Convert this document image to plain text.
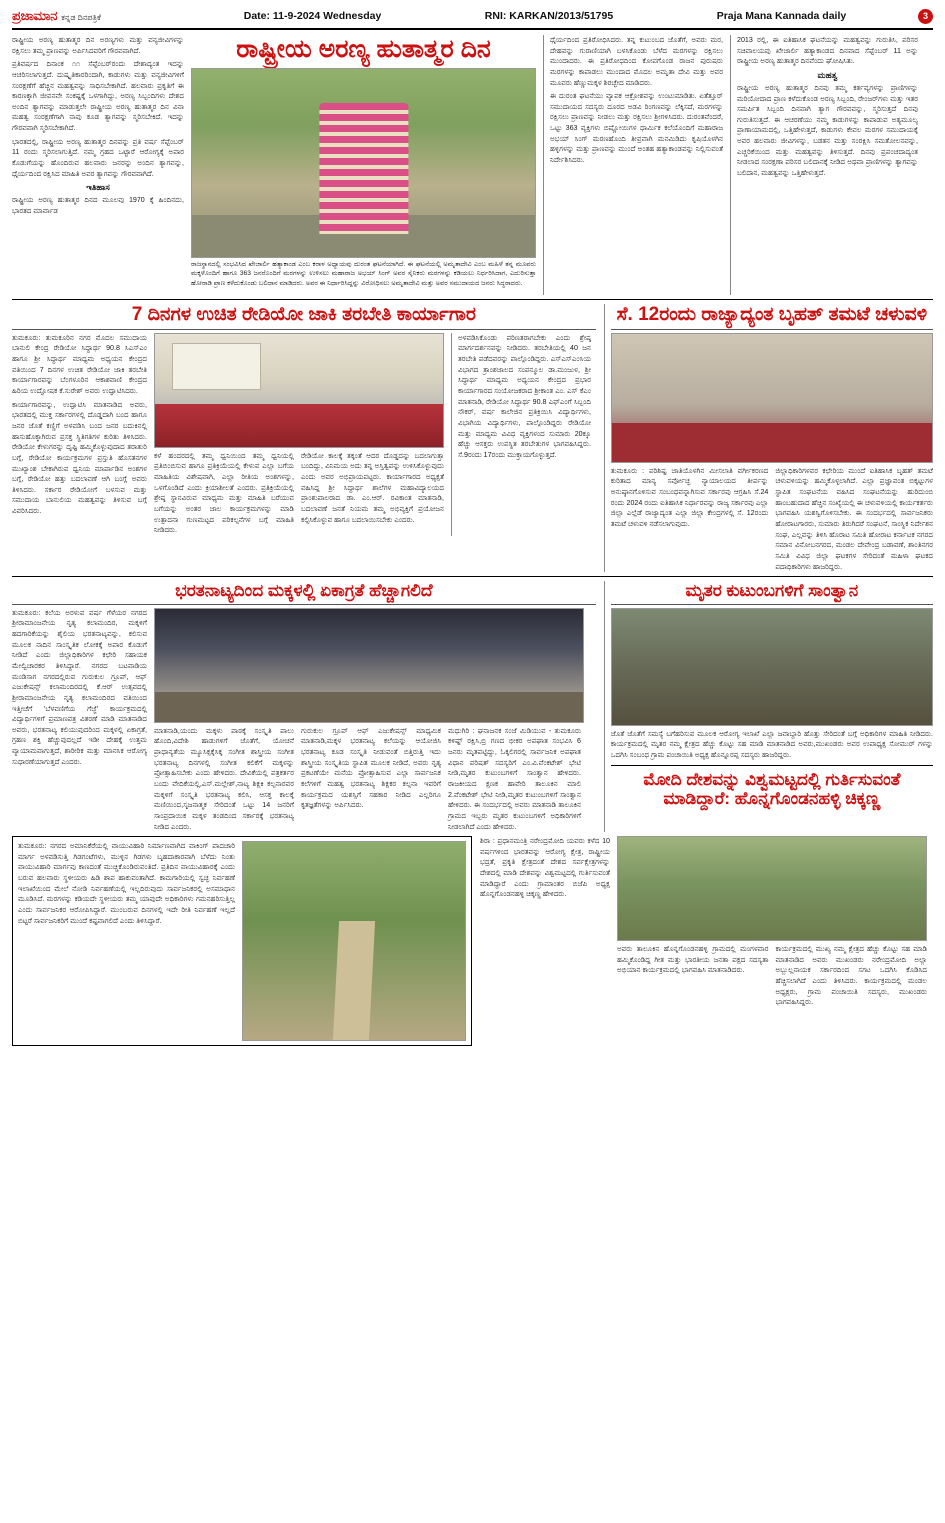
ಪ್ರಜಾಮಾನ ಕನ್ನಡ ದಿನಪತ್ರಿಕೆ	Date: 11-9-2024 Wednesday	RNI: KARKAN/2013/51795	Praja Mana Kannada daily	3

ರಾಷ್ಟ್ರೀಯ ಅರಣ್ಯ ಹುತಾತ್ಮರ ದಿನ ಅರಣ್ಯಗಳು ಮತ್ತು ವನ್ಯಜೀವಿಗಳನ್ನು ರಕ್ಷಿಸಲು ತಮ್ಮ ಪ್ರಾಣವನ್ನು ಅರ್ಪಿಸಿದವರಿಗೆ ಗೌರವವಾಗಿದೆ.

ಪ್ರತಿವರ್ಷದ ದಿನಾಂಕ ೧೧ ಸೆಪ್ಟೆಂಬರ್‌ರಂದು ದೇಶಾದ್ಯಂತ ಇದನ್ನು ಆಚರಿಸಲಾಗುತ್ತದೆ. ದುಷ್ಕೃತಿಕಾರರಿಂದಾಗಿ, ಕಾಡುಗಳು ಮತ್ತು ವನ್ಯಜೀವಿಗಳಿಗೆ ಸಂರಕ್ಷಣೆಗೆ ಹೆಚ್ಚಿನ ಮಹತ್ವವನ್ನು ಸಾಧಿಸಬೇಕಾಗಿದೆ. ಹಲವಾರು ಪ್ರಕೃತಿಗೆ ಈ ಕಾರಣಕ್ಕಾಗಿ ಜೀವನವೇ ಸಂಕಷ್ಟಕ್ಕೆ ಒಳಗಾಗಿದ್ದು, ಅರಣ್ಯ ಸಿಬ್ಬಂದಿಗಳು ದೇಶದ ಅಂದಿನ ತ್ಯಾಗವನ್ನು ಮಾಡುತ್ತಲೇ ರಾಷ್ಟ್ರೀಯ ಅರಣ್ಯ ಹುತಾತ್ಮರ ದಿನ ವಿನಾ ಮಹತ್ವ ಸಂರಕ್ಷಣೆಗಾಗಿ ನಾವು ಕೂಡ ತ್ಯಾಗವನ್ನು ಸ್ಮರಿಸಬೇಕಿದೆ. ಇದನ್ನು ಗೌರವವಾಗಿ ಸ್ಮರಿಸಬೇಕಾಗಿದೆ.

ಭಾರತದಲ್ಲಿ, ರಾಷ್ಟ್ರೀಯ ಅರಣ್ಯ ಹುತಾತ್ಮರ ದಿನವನ್ನು ಪ್ರತಿ ವರ್ಷ ಸೆಪ್ಟೆಂಬರ್ 11 ರಂದು ಸ್ಮರಿಸಲಾಗುತ್ತಿದೆ. ನಮ್ಮ ಗ್ರಹದ ಒಟ್ಟಾರೆ ಆರೋಗ್ಯಕ್ಕೆ ಅಪಾರ ಕೊಡುಗೆಯನ್ನು ಹೊಂದಿರುವ ಹಲವಾರು ಜನರನ್ನು ಅಂದಿನ ತ್ಯಾಗವನ್ನು, ಧೈರ್ಯದಿಂದ ರಕ್ಷಿಸಿದ ಮಾಹಿತಿ ಅವರ ತ್ಯಾಗವನ್ನು ಗೌರವವಾಗಿದೆ.

ಇತಿಹಾಸ

ರಾಷ್ಟ್ರೀಯ ಅರಣ್ಯ ಹುತಾತ್ಮರ ದಿನದ ಮೂಲವು 1970 ಕ್ಕೆ ಹಿಂದಿನದು, ಭಾರತದ ಮಾರ್ವಾಡ

ರಾಷ್ಟ್ರೀಯ ಅರಣ್ಯ ಹುತಾತ್ಮರ ದಿನ

ರಾಜಸ್ಥಾನದಲ್ಲಿ ಸಂಭವಿಸಿದ ಖೇಜಾರ್ಲಿ ಹತ್ಯಾಕಾಂಡ ಎಂಬ ಕರಾಳ ಅಧ್ಯಾಯವು ದುರಂತ ಘಟನೆಯಾಗಿದೆ. ಈ ಘಟನೆಯಲ್ಲಿ ಅಮೃತಾದೇವಿ ಎಂಬ ಮಹಿಳೆ ತನ್ನ ಮೂವರು ಮಕ್ಕಳೊಂದಿಗೆ ಹಾಗೂ 363 ಜನರೊಂದಿಗೆ ಮರಗಳನ್ನು ಉಳಿಸಲು ಮಹಾರಾಜ ಅಭಯ್ ಸಿಂಗ್ ಅವರ ಸೈನಿಕರು ಮರಗಳನ್ನು ಕಡಿಯಲು ನಿರ್ಧರಿಸಿದಾಗ, ಎದುರಿಸುತ್ತಾ ಹೋರಾಡಿ ಪ್ರಾಣ ಕಳೆದುಕೊಂಡು ಬಲಿದಾನ ಮಾಡಿದರು. ಅವರ ಈ ನಿರ್ಧಾರಿಸಿದ್ದನ್ನು ವಿರೋಧಿಸಲು ಅಮೃತಾದೇವಿ ಮತ್ತು ಅವರ ಸಮುದಾಯದ ಜನರು ಸಿದ್ಧರಾದರು.

ಧೈರ್ಯದಿಂದ ಪ್ರತಿರೋಧಿಸಿದರು. ತನ್ನ ಕುಟುಂಬದ ಜೊತೆಗೆ, ಅವರು ಮರ, ದೇಹವನ್ನು ಗುರಾಣಿಯಾಗಿ ಬಳಸಿಕೊಂಡು ಬೆಳೆದ ಮರಗಳನ್ನು ರಕ್ಷಿಸಲು ಮುಂದಾದರು. ಈ ಪ್ರತಿರೋಧದಿಂದ ಕೋಪಗೊಂಡ ರಾಜನ ಪುರುಷರು ಮರಗಳನ್ನು ಕಾಪಾಡಲು ಮುಂದಾದ ಮೊದಲ ಅಮೃತಾ ದೇವಿ ಮತ್ತು ಅವರ ಮೂವರು ಹೆಣ್ಣುಮಕ್ಕಳ ಶಿರಚ್ಛೇದ ಮಾಡಿದರು.

ಈ ದುರಂತ ಘಟನೆಯು ವ್ಯಾಪಕ ಆಕ್ರೋಶವನ್ನು ಉಂಟುಮಾಡಿತು. ಏತೆತ್ತೂರ್ ಸಮುದಾಯದ ಸದಸ್ಯರು ದೂರದ ಅಡವಿ ರಿಂಗಣವನ್ನು ಲೆಕ್ಕಿಸದೆ, ಮರಗಳನ್ನು ರಕ್ಷಿಸಲು ಪ್ರಾಣವನ್ನು ನೀಡಲು ಮತ್ತು ರಕ್ಷಿಸಲು ಶ್ರೀಗಳಿಸಿದರು. ದುರಂತವೆಂದರೆ, ಒಟ್ಟು 363 ವ್ಯಕ್ತಿಗಳು ಬಿಷ್ಣೋಯಿಗಳ ಧಾರ್ಮಿಕ ಕಲೆಯೊಂದಿಗೆ ಮಹಾರಾಜ ಅಭಯ್ ಸಿಂಗ್ ಮರಣಹೊಂದಿ ತೀವ್ರವಾಗಿ ಮನಮಿಡಿದು ಕೃಷಿಯೊಳಗಿನ ಹಳ್ಳಿಗಳನ್ನು ಮತ್ತು ಪ್ರಾಣವನ್ನು ಮುಂದೆ ಅಂತಹ ಹತ್ಯಾಕಾಂಡವನ್ನು ನಿಲ್ಲಿಸುವಂತೆ ನಿರ್ದೇಶಿಸಿದರು.

2013 ರಲ್ಲಿ, ಈ ಐತಿಹಾಸಿಕ ಘಟನೆಯನ್ನು ಮಹತ್ವವನ್ನು ಗುರುತಿಸಿ, ಪರಿಸರ ಸಚಿವಾಲಯವು ಖೇಜಾರ್ಲಿ ಹತ್ಯಾಕಾಂಡದ ದಿನವಾದ ಸೆಪ್ಟೆಂಬರ್ 11 ಅನ್ನು ರಾಷ್ಟ್ರೀಯ ಅರಣ್ಯ ಹುತಾತ್ಮರ ದಿನವೆಂದು ಘೋಷಿಸಿತು.

ಮಹತ್ವ

ರಾಷ್ಟ್ರೀಯ ಅರಣ್ಯ ಹುತಾತ್ಮರ ದಿನವು ತಮ್ಮ ಕರ್ತವ್ಯಗಳನ್ನು ಪ್ರಾಣಿಗಳನ್ನು ಮರಿಯೋದಾದ ಪ್ರಾಣ ಕಳೆದುಕೊಂಡ ಅರಣ್ಯ ಸಿಬ್ಬಂದಿ, ರೇಂಜರ್‌ಗಳು ಮತ್ತು ಇತರ ಸಮರ್ಪಿತ ಸಿಬ್ಬಂದಿ ದಿನವಾಗಿ ತ್ಯಾಗ ಗೌರವವನ್ನು, ಸ್ಮರಿಸುತ್ತದೆ ದಿನವು ಗುರುತಿಸುತ್ತದೆ. ಈ ಆಚರಣೆಯು ನಮ್ಮ ಕಾಡುಗಳನ್ನು ಕಾಪಾಡುವ ಅತ್ಯಮೂಲ್ಯ ಪ್ರಾಣಾಯಾಮದಲ್ಲಿ, ಒತ್ತಿಹೇಳುತ್ತದೆ, ಕಾಡುಗಳು ಕೇವಲ ಮರಗಳ ಸಮುದಾಯಕ್ಕೆ ಅವರ ಹಲವಾರು ಜೀವಿಗಳನ್ನು, ಬಡತನ ಮತ್ತು ಸಂರಕ್ಷಿಸಿ ಸಮತೋಲನವನ್ನು, ಎಚ್ಚರಿಕೆಯಿಂದ ಮತ್ತು ಮಹತ್ವವನ್ನು ತಿಳಿಸುತ್ತದೆ. ದಿನವು ಪ್ರಪಂಚದಾದ್ಯಂತ ನೀಡಲಾದ ಸಂರಕ್ಷಣಾ ಪರಿಸರ ಬಲಿದಾನಕ್ಕೆ ನೀಡಿದ ಅಥವಾ ಪ್ರಾಣಿಗಳನ್ನು ತ್ಯಾಗವನ್ನು ಬಲಿದಾನ, ಮಹತ್ವವನ್ನು ಒತ್ತಿಹೇಳುತ್ತದೆ.

7 ದಿನಗಳ ಉಚಿತ ರೇಡಿಯೋ ಜಾಕಿ ತರಬೇತಿ ಕಾರ್ಯಾಗಾರ

ತುಮಕೂರು: ತುಮಕೂರಿನ ನಗರ ಮೊದಲ ಸಮುದಾಯ ಬಾನುಲಿ ಕೇಂದ್ರ ರೇಡಿಯೋ ಸಿದ್ಧಾರ್ಥ 90.8 ಸಿಎಸ್ಎಂ ಹಾಗೂ ಶ್ರೀ ಸಿದ್ಧಾರ್ಥ ಮಾಧ್ಯಮ ಅಧ್ಯಯನ ಕೇಂದ್ರದ ವತಿಯಿಂದ 7 ದಿನಗಳ ಉಚಿತ ರೇಡಿಯೋ ಜಾಕಿ ತರಬೇತಿ ಕಾರ್ಯಾಗಾರವನ್ನು ಬೆಂಗಳೂರಿನ ಆಕಾಶವಾಣಿ ಕೇಂದ್ರದ ಹಿರಿಯ ಉದ್ಘೋಷಕ ಕೆ.ಸುರೇಶ್ ಅವರು ಉದ್ಘಾಟಿಸಿದರು.

ಕಾರ್ಯಾಗಾರವನ್ನು, ಉದ್ಘಾಟಿಸಿ ಮಾತನಾಡಿದ ಅವರು, ಭಾರತದಲ್ಲಿ ಮುಕ್ತ ಸರ್ಕಾರಗಳಲ್ಲಿ ದೊಡ್ಡದಾಗಿ ಬಂದ ಹಾಗೂ ಜನರ ಜೊತೆ ಕಣ್ಣಿಗೆ ಅಳವಡಿಸಿ ಬಂದ ಜನರ ಬದುಕಿನಲ್ಲಿ ಹಾಸುಹೊಕ್ಕಾಗಿರುವ ಪ್ರಸಕ್ತ ಸ್ಥಿತಿಗತಿಗಳ ಕುರಿತು ತಿಳಿಸಿದರು. ರೇಡಿಯೋ ಕೇಳುಗರನ್ನು ದೃಷ್ಟಿ ಹಮ್ಮಿಕೊಳ್ಳುವುದಾದ ತರಾತುರಿ ಬಗ್ಗೆ, ರೇಡಿಯೋ ಕಾರ್ಯಕ್ರಮಗಳ ಪ್ರಸ್ತುತಿ ಹೊಸತನಗಳ ಮುಖ್ಯಾಂಶ ಬೇಕಾಗಿರುವ ಧ್ವನಿಯ ಮಾರ್ಪಾಡಿನ ಅಂಶಗಳ ಬಗ್ಗೆ, ರೇಡಿಯೋ ಹತ್ತು ಬದಲಾವಣೆ ಆಗಿ ಬಂಗ್ಲೆ ಅವರು ತಿಳಿಸಿದರು. ಸರ್ಕಾರ ರೇಡಿಯೋಗೆ ಬಳಸುವ ಮತ್ತು ಸಮುದಾಯ ಬಾನುಲಿಯ ಮಹತ್ವವನ್ನು ತಿಳಿಸುವ ಬಗ್ಗೆ ವಿವರಿಸಿದರು.

ಕಳೆ ಹಂದರದಲ್ಲಿ ತಮ್ಮ ಧ್ವನಿಯಿಂದ ತಮ್ಮ ಧ್ವನಿಯಲ್ಲಿ ಪ್ರತಿಬಿಂಬಿಸುವ ಹಾಗೂ ಪ್ರತಿಕ್ರಿಯೆಯಲ್ಲಿ ಕೇಳುವ ಎಲ್ಲಾ ಬಗೆಯ ಮಾಹಿತಿಯ ವಿಶೇಷವಾಗಿ, ಎಲ್ಲಾ ರೀತಿಯ ಅಂಶಗಳನ್ನು, ಒಳಗೊಂಡಿದೆ ಎಂದು ಕ್ರಿಯಾಶೀಲತೆ ಎಂದರು. ಪ್ರತಿಕ್ರಿಯೆಯಲ್ಲಿ ಶ್ರೇಷ್ಠ ಸ್ಥಾನವಿರುವ ಮಾಧ್ಯಮ ಮತ್ತು ಮಾಹಿತಿ ಬರೆಯುವ ಬಗೆಯನ್ನು ಅಂತರ ಜಾಲ ಕಾರ್ಯಕ್ರಮಗಳನ್ನು ಮಾಡಿ ಉತ್ಪಾದನಾ ಗುಣಮಟ್ಟದ ಪರಿಕಲ್ಪನೆಗಳ ಬಗ್ಗೆ ಮಾಹಿತಿ ನೀಡಿದರು.

ರೇಡಿಯೋ ಕಾಲಕ್ಕೆ ತಕ್ಕಂತೆ ಆದರ ದೊಡ್ಡದನ್ನು ಬದಲಾಗುತ್ತಾ ಬಂದಿದ್ದು, ವಿನಿಮಯ ಅದು ತನ್ನ ಅಸ್ತಿತ್ವವನ್ನು ಉಳಿಸಿಕೊಳ್ಳುವುದು ಎಂದು ಅವರ ಅಭಿಪ್ರಾಯಪಟ್ಟರು. ಕಾರ್ಯಾಗಾರದ ಅಧ್ಯಕ್ಷತೆ ವಹಿಸಿದ್ದ ಶ್ರೀ ಸಿದ್ಧಾರ್ಥ ಶಾಲೆಗಳ ಮಹಾವಿದ್ಯಾಲಯದ ಪ್ರಾಂಶುಪಾಲರಾದ ಡಾ. ಎಂ.ಆರ್. ರವಿಕಾಂತ ಮಾತನಾಡಿ, ಬದಲಾವಣೆ ಜನತೆ ನಿಯಮ ತಮ್ಮ ಅಭಿವ್ಯಕ್ತಿಗೆ ಪ್ರಯೋಜನ ಕಲ್ಪಿಸಿಕೊಳ್ಳುವ ಹಾಗೂ ಬದಲಾಯಿಸಬೇಕು ಎಂದರು.

ಅಳವಡಿಸಿಕೊಂಡು ಪರಿಣತರಾಗಬೇಕು ಎಂದು ಶ್ರೇಷ್ಠ ಮಾರ್ಗದರ್ಶನವನ್ನು ನೀಡಿದರು. ತರಬೇತಿಯಲ್ಲಿ 40 ಜನ ತರಬೇತಿ ಪಡೆದವರನ್ನು ಪಾಲ್ಗೊಂಡಿದ್ದರು. ಎಸ್ಎಸ್ಎಂಸಿಯ ವಿಭಾಗದ ತ್ರಾಂಶಜಾಲದ ಸಂಪನ್ಮೂಲ ಡಾ.ಮಂಜುಳ, ಶ್ರೀ ಸಿದ್ಧಾರ್ಥ ಮಾಧ್ಯಮ ಅಧ್ಯಯನ ಕೇಂದ್ರದ ಪ್ರಭಾರ ಕಾರ್ಯಾಗಾರದ ಸಂಯೋಜಕರಾದ ಶ್ರೀಕಾಂತ ಎಂ. ಎಸ್ ಕೆಎಂ ಮಾತನಾಡಿ, ರೇಡಿಯೋ ಸಿದ್ಧಾರ್ಥ 90.8 ಎಫ್ಎಂಗೆ ಸಿಬ್ಬಂದಿ ನೌಕರ್, ವರ್ಷ ಕಾಲೇಜಿನ ಪ್ರತಿಕ್ರಿಯಿಸಿ ವಿದ್ಯಾರ್ಥಿಗಳು, ವಿಭಾಗಿಯ ವಿದ್ಯಾರ್ಥಿಗಳು, ಪಾಲ್ಗೊಂಡಿದ್ದರು ರೇಡಿಯೋ ಮತ್ತು ಮಾಧ್ಯಮ ವಿವಿಧ ವ್ಯಕ್ತಿಗಳಂದ ಸುಮಾರು 20ಕ್ಕೂ ಹೆಚ್ಚು ಆಸಕ್ತರು ಉಪಸ್ಥಿತ ತರಬೇತುಗಳ ಭಾಗವಹಿಸಿದ್ದರು. ಸೆ.9ರಂದು 17ರಂದು ಮುಕ್ತಾಯಗೊಳ್ಳುತ್ತದೆ.

ಸೆ. 12ರಂದು ರಾಜ್ಯಾದ್ಯಂತ ಬೃಹತ್ ತಮಟೆ ಚಳುವಳಿ

ತುಮಕೂರು : ಪರಿಶಿಷ್ಟ ಜಾತಿಯೊಳಗಿನ ಮೀಸಲಾತಿ ವರ್ಗೀಕರಣದ ಕುರಿತಾದ ಮಾನ್ಯ ಸರ್ವೋಚ್ಛ ನ್ಯಾಯಾಲಯದ ತೀರ್ಪನ್ನು ಅನುಷ್ಠಾನಗೊಳಿಸುವ ಸಂಬಂಧವನ್ನಾಗಿಸುವ ಸರ್ಕಾರವು ಆಗ್ರಹಿಸಿ ಸೆ.24 ರಂದು 2024 ರಂದು ಐತಿಹಾಸಿಕ ನಿರ್ಧಾರವನ್ನು ರಾಜ್ಯ ಸರ್ಕಾರವು ಎಲ್ಲಾ ಜಿಲ್ಲಾ ಎಲ್ಲೆಡೆ ರಾಜ್ಯಾದ್ಯಂತ ಎಲ್ಲಾ ಜಿಲ್ಲಾ ಕೇಂದ್ರಗಳಲ್ಲಿ ಸೆ. 12ರಂದು ತಮಟೆ ಚಳುವಳಿ ನಡೆಸಲಾಗುವುದು.

ಜಿಲ್ಲಾಧಿಕಾರಿಗಳವರ ಕಛೇರಿಯ ಮುಂದೆ ಐತಿಹಾಸಿಕ ಬೃಹತ್ ತಮಟೆ ಚಳುವಳಿಯನ್ನು ಹಮ್ಮಿಕೊಳ್ಳಲಾಗಿದೆ. ಎಲ್ಲಾ ಪ್ರಜ್ಞಾವಂತ ಬಿಕ್ಕಟ್ಟುಗಳ ಸ್ಥಾಪಿತ ಸಂಘಟನೆಯ ವಹಿಸಿದ ಸಂಘಟನೆಯನ್ನು ಹುರಿದುಂಬಿ ಹಾಂಬಹುದಾದ ಹೆಚ್ಚಿನ ಸಂಖ್ಯೆಯಲ್ಲಿ ಈ ಚಳುವಳಿಯಲ್ಲಿ ಕಾರ್ಯಕರ್ತರು ಭಾಗವಹಿಸಿ ಯಶಸ್ವಿಗೊಳಿಸಬೇಕು. ಈ ಸಂದರ್ಭದಲ್ಲಿ ಸಾರ್ವಜನಿಕರು ಹೋರಾಟಗಾರರು, ಸುಮಾರು ತಿರುಗಿದರೆ ಸಂಘಟನೆ, ಸಾಂಸ್ಥಿಕ ನಿರ್ದೇಶನ ಸಂಘ, ಎಲ್ಲವನ್ನು ತಿಳಿಸಿ ಹೊರಾಟ ಸಮಿತಿ ಹೋರಾಟ ಕರ್ನಾಟಕ ನಗರದ ಸಮಾನ ವಿನೋಬನಗರದ, ಮಂಡಲ ದೇವೇಂದ್ರ ಬಡಾವಣೆ, ಶಾಂತಿನಗರ ಸಮಿತಿ ವಿವಿಧ ಜಿಲ್ಲಾ ಘಟಕಗಳ ಸೇರಿದಂತೆ ಮಹಿಳಾ ಘಟಕದ ಪದಾಧಿಕಾರಿಗಳು ಹಾಜರಿದ್ದರು.

ಭರತನಾಟ್ಯದಿಂದ ಮಕ್ಕಳಲ್ಲಿ ಏಕಾಗ್ರತೆ ಹೆಚ್ಚಾಗಲಿದೆ

ತುಮಕೂರು: ಕಲೆಯ ಅರಳುವ ವರ್ಷ ಗೆಳೆಯರ ನಗರದ ಶ್ರೀರಾಮಾಂಜನೇಯ ನೃತ್ಯ ಕಲಾಮಂದಿರ, ಮಕ್ಕಳಿಗೆ ಹದಗಾರಿಕೆಯನ್ನು ಶೈಲಿಯ ಭರತನಾಟ್ಯವನ್ನು, ಕಲಿಸುವ ಮೂಲಕ ನಾದಿನ ಸಾಂಸ್ಕೃತಿಕ ಲೋಕಕ್ಕೆ ಅಪಾರ ಕೊಡುಗೆ ನೀಡಿದೆ ಎಂದು ಜಿಲ್ಲಾಧಿಕಾರಿಗಳ ಕಛೇರಿ ಸಹಾಯಕ ಮೇಲ್ವಿಚಾರಕರ ತಿಳಿಸಿದ್ದಾರೆ. ನಗರದ ಬಟವಾಡಿಯ ಮಂಡಿಸಾಗ ನಗರದಲ್ಲಿರುವ ಗುರುಕುಲ ಗ್ರೂಪ್, ಆಫ್ ಎಜುಕೇಷನ್ಸ್ ಕಲಾಮಂದಿರದಲ್ಲಿ ಕೆ.ಆರ್ ಉತ್ಸವದಲ್ಲಿ ಶ್ರೀರಾಮಾಂಜನೇಯ ನೃತ್ಯ ಕಲಾಮಂದಿರದ ವತಿಯಿಂದ ಇತ್ತೀಚೆಗೆ 'ಬೆಳವಣಿಗೆಯ ಗೆಜ್ಜೆ' ಕಾರ್ಯಕ್ರಮದಲ್ಲಿ ವಿದ್ಯಾರ್ಥಿಗಳಿಗೆ ಪ್ರಮಾಣಪತ್ರ ವಿತರಣೆ ಮಾಡಿ ಮಾತನಾಡಿದ ಅವರು, ಭರತನಾಟ್ಯ ಕಲಿಯುವುದರಿಂದ ಮಕ್ಕಳಲ್ಲಿ ಏಕಾಗ್ರತೆ, ಗ್ರಹಣ ಶಕ್ತಿ ಹೆಚ್ಚುವುದಲ್ಲದೆ ಇಡೀ ದೇಹಕ್ಕೆ ಉತ್ತಮ ವ್ಯಾಯಾಮವಾಗುತ್ತದೆ, ಶಾರೀರಿಕ ಮತ್ತು ಮಾನಸಿಕ ಆರೋಗ್ಯ ಸುಧಾರಣೆಯಾಗುತ್ತದೆ ಎಂದರು.

ಮಾತನಾಡಿ,ಯಂದು ಮಕ್ಕಳು ಪಾಠಕ್ಕೆ ಸಂಸ್ಕೃತಿ ಪಾಲು ಹೊಂದಿ,ವಿದೇಶಿ ಹಾಡುಗಳಿಗೆ ಜೊತೆಗೆ, ಯೋಚನೆ ಪ್ರಾಧಾನ್ಯತೆಯ ಮ್ಯೂಸಿಕ್ಸಕ್ಕೆಸಿಕ್ಕ ಸಂಗೀತ ಶಾಸ್ತ್ರೀಯ ಸಂಗೀತ ಭರತನಾಟ್ಯ ದಿನಗಳಲ್ಲಿ ಸಂಗೀತ ಕಲಿಕೆಗೆ ಮಕ್ಕಳನ್ನು ಪ್ರೋತ್ಸಾಹಿಸಬೇಕು ಎಂದು ಹೇಳಿದರು. ದೇವಿಕೆಯಲ್ಲಿ ಪತ್ರಕರ್ತರ ಬಂದು ವೇದಿಕೆಯಲ್ಲಿ,ಎಸ್.ಮಲ್ಲೇಶ್,ನಾಟ್ಯ ಶಿಕ್ಷಕಿ ಕಲ್ಪನಾರವರ ಮಕ್ಕಳಿಗೆ ಸಂಸ್ಕೃತಿ ಭರತನಾಟ್ಯ ಕಲಿಸಿ, ಆಸಕ್ತ ಕಾಲಕ್ಕೆ ಮಣಿಯಿಂದ,ಸೃಜನಾತ್ಮಕ ಸೇರಿದಂತೆ ಒಟ್ಟು 14 ಜನರಿಗೆ ಸಾಂಪ್ರದಾಯಿಕ ಮಕ್ಕಳ ತಂಡದಿಂದ ಸರ್ಕಾರಕ್ಕೆ ಭರತನಾಟ್ಯ ನೀಡಿದ ಎಂದರು.

ಗುರುಕುಲ ಗ್ರೂಪ್ ಆಫ್ ಎಜುಕೇಷನ್ಸ್ ಮಾಧ್ಯಮಿಕ ಮಾತನಾಡಿ,ಮಕ್ಕಳ ಭರತನಾಟ್ಯ ಕಲೆಯನ್ನು ಆಯೋಜಿಸಿ ಭರತನಾಟ್ಯ ಕೂಡ ಸಂಸ್ಕೃತಿ ನೀಡುವಂತೆ ಬಿತ್ತಿರುತ್ತಿ ಇದು ಶಾಸ್ತ್ರೀಯ ಸಂಸ್ಕೃತಿಯ ಸ್ಥಾಪಿತ ಮೂಲಕ ನೀಡಿದೆ, ಅವರು ನೃತ್ಯ ಪ್ರಕಟಣೆಯೇ ಮನೆಯ ಪ್ರೋತ್ಸಾಹಿಸುವ ಎಲ್ಲಾ ಸಾರ್ವಜನಿಕ ಕಲೆಗಳಿಗೆ ಮಹತ್ವ ಭರತನಾಟ್ಯ ಶಿಕ್ಷಕರ ಕಲ್ಪನಾ ಇವರಿಗೆ ಕಾರ್ಯಕ್ರಮದ ಯಶಸ್ಸಿಗೆ ಸಹಕಾರ ನೀಡಿದ ಎಲ್ಲರಿಗೂ ಕೃತಜ್ಞತೆಗಳನ್ನು ಅರ್ಪಿಸಿದರು.

ಮಧುಗಿರಿ : ಘನಾಜನಕ ಸಂಜೆ ಮಿಡಿಯುವ - ತುಮಕೂರು ಕಳಿಷ್ಟ್ ರಕ್ಷಿಸಿ,ಬ್ರಿ ಗಣದ ಭೀಕರ ಅಪಘಾತ ಸಂಭವಿಸಿ 6 ಜನರು ಮೃತಪಟ್ಟಿದ್ದು, ಓಕ್ಕಲಿಗರಲ್ಲಿ ಸಾರ್ವಜನಿಕ ಅಪಘಾತ ವಿಧಾನ ಪರಿಷತ್ ಸದಸ್ಯರಿಗೆ ಎಂ.ವಿ.ವೆಂಕಟೇಶ್ ಭೇಟಿ ನೀಡಿ,ಮೃತರ ಕುಟುಂಬಗಳಿಗೆ ಸಾಂತ್ವಾನ ಹೇಳಿದರು. ರಾಜಕೀಯದ ಕ್ಷಣಕ ಹಾವೇರಿ ತಾಲೂಕಿನ ಮಾಲಿ 2.ವೆಂಕಟೇಶ್ ಭೇಟಿ ನೀಡಿ,ಮೃತರ ಕುಟುಂಬಗಳಿಗೆ ಸಾಂತ್ವಾನ ಹೇಳಿದರು. ಈ ಸಂದರ್ಭದಲ್ಲಿ ಅವರು ಮಾತನಾಡಿ ತಾಲೂಕಿನ ಗ್ರಾಮದ ಇಬ್ಬರು ಮೃತರ ಕುಟುಂಬಗಳಿಗೆ ಅಧಿಕಾರಿಗಳಿಗೆ ನೀಡಲಾಗಿದೆ ಎಂದು ಹೇಳಿದರು.

ಮೃತರ ಕುಟುಂಬಗಳಿಗೆ ಸಾಂತ್ವಾನ

ಜೊತೆ ಜೊತೆಗೆ ಸಮಸ್ಯೆ ಬಗೆಹರಿಸುವ ಮೂಲಕ ಆರೋಗ್ಯ ಇಲಾಖೆ ಎಲ್ಲಾ ಜವಾಬ್ದಾರಿ ಹೊತ್ತು ಸೇರಿದಂತೆ ಬಗ್ಗೆ ಅಧಿಕಾರಿಗಳ ಮಾಹಿತಿ ನೀಡಿದರು. ಕಾರ್ಯಕ್ರಮದಲ್ಲಿ ಮೃತರ ನಮ್ಮ ಕ್ಷೇತ್ರದ ಹೆಚ್ಚು ಕೊಟ್ಟು ಸಹ ಮಾಡಿ ಮಾತನಾಡಿದ ಅವರು,ಮುಖಂಡರು ಅವರ ಉಪಾಧ್ಯಕ್ಷ ಸೋಮುರ್ ಗಳನ್ನು ಒದಗಿಸಿ ಸಂಬಂಧ ಗ್ರಾಮ ಪಂಚಾಯಿತಿ ಅಧ್ಯಕ್ಷ ಹೊನ್ನೂರಪ್ಪ ಸದಸ್ಯರು ಹಾಜರಿದ್ದರು.

ಮೋದಿ ದೇಶವನ್ನು ವಿಶ್ವಮಟ್ಟದಲ್ಲಿ ಗುರ್ತಿಸುವಂತೆ ಮಾಡಿದ್ದಾರೆ: ಹೊನ್ನಗೊಂಡನಹಳ್ಳಿ ಚಿಕ್ಕಣ್ಣ

ತುಮಕೂರು: ನಗರದ ಅಮಾನಿಕೆರೆಯಲ್ಲಿ ವಾಯುವಿಹಾರಿ ನಿರ್ಮಾಣವಾಗಿದ ವಾಕಿಂಗ್ ಪಾದಚಾರಿ ಮಾರ್ಗ ಅಳವಡಿಸುತ್ತಿ ಗಿಡಗಂಟೆಗಳು, ಮುಳ್ಳಿನ ಗಿಡಗಳು ಬೃಹದಾಕಾರವಾಗಿ ಬೆಳೆದು ನಿಂತು ವಾಯುವಿಹಾರಿ ಮಾರ್ಗವು ಕಾಣದಂತೆ ಮುಚ್ಚಿಕೊಂಡಿರುವಂತಿದೆ. ಪ್ರತಿದಿನ ವಾಯುವಿಹಾರಕ್ಕೆ ಎಂದು ಬರುವ ಹಲವಾರು ಸ್ಥಳೀಯರು ಹಿಡಿ ಶಾಪ ಹಾಕುವಂತಾಗಿದೆ. ಕಾಮಗಾರಿಯಲ್ಲಿ ಸ್ವಚ್ಛ ನಿರ್ವಹಣೆ ಇಲಾಖೆಯಿಂದ ಮೇಲೆ ನೋಡಿ ನಿರ್ವಹಣೆಯಲ್ಲಿ ಇಲ್ಲದಿರುವುದು ಸಾರ್ವಜನಿಕರಲ್ಲಿ ಅಸಮಾಧಾನ ಮೂಡಿಸಿದೆ. ಮರಗಳನ್ನು ಕಡಿಯದೇ ಸ್ಥಳೀಯರು ತಮ್ಮ ಯಾವುದೇ ಅಧಿಕಾರಿಗಳು ಗಮನಹರಿಸುತ್ತಿಲ್ಲ ಎಂದು ಸಾರ್ವಜನಿಕರ ಆರೋಪಿಸಿದ್ದಾರೆ. ಮುಂಬರುವ ದಿನಗಳಲ್ಲಿ ಇದೇ ರೀತಿ ನಿರ್ವಹಣೆ ಇಲ್ಲದೆ ಬಿಟ್ಟರೆ ಸಾರ್ವಜನಿಕರಿಗೆ ಮುಂದೆ ಕಷ್ಟವಾಗಲಿದೆ ಎಂದು ತಿಳಿಸಿದ್ದಾರೆ.

ಶಿರಾ : ಪ್ರಧಾನಮಂತ್ರಿ ನರೇಂದ್ರಮೋದಿ ಯವರು ಕಳೆದ 10 ವರ್ಷಗಳಿಂದ ಭಾರತವನ್ನು ಆರೋಗ್ಯ ಕ್ಷೇತ್ರ, ರಾಷ್ಟ್ರೀಯ ಭದ್ರತೆ, ಪ್ರಕೃತಿ ಕ್ಷೇತ್ರದಂತೆ ದೇಶದ ಸರ್ವಕ್ಷೇತ್ರಗಳನ್ನು ದೇಶದಲ್ಲಿ ಮಾಡಿ ದೇಶವನ್ನು ವಿಶ್ವಮಟ್ಟದಲ್ಲಿ ಗುರ್ತಿಸುವಂತೆ ಮಾಡಿದ್ದಾರೆ ಎಂದು ಗ್ರಾಮಾಂತರ ಬಿಜೆಪಿ ಅಧ್ಯಕ್ಷ ಹೊನ್ನಗೊಂಡನಹಳ್ಳಿ ಚಿಕ್ಕಣ್ಣ ಹೇಳಿದರು.

ಅವರು ತಾಲೂಕಿನ ಹೊನ್ನಗೊಂಡನಹಳ್ಳಿ ಗ್ರಾಮದಲ್ಲಿ ಮಂಗಳವಾರ ಹಮ್ಮಿಕೊಂಡಿದ್ದ ಗೀತ ಮತ್ತು ಭಾರತೀಯ ಜನತಾ ಪಕ್ಷದ ಸದಸ್ಯತಾ ಅಭಿಯಾನ ಕಾರ್ಯಕ್ರಮದಲ್ಲಿ ಭಾಗವಹಿಸಿ ಮಾತನಾಡಿದರು.

ಕಾರ್ಯಕ್ರಮದಲ್ಲಿ ಮುಖ್ಯ ನಮ್ಮ ಕ್ಷೇತ್ರದ ಹೆಚ್ಚು ಕೊಟ್ಟು ಸಹ ಮಾಡಿ ಮಾತನಾಡಿದ ಅವರು ಮುಖಂಡರು ನರೇಂದ್ರಮೋದಿ ಅಲ್ಲಾ ಅಬ್ಬುಲ್ಲನಾಯಕ ಸರ್ಕಾರದಿಂದ ಸಗಟ ಒದಗಿಸಿ ಕೊಡಿಸಿದ ಹೆಚ್ಚಿಸಲಾಗಿದೆ ಎಂದು ತಿಳಿಸಿದರು. ಕಾರ್ಯಕ್ರಮದಲ್ಲಿ ಮಂಡಲ ಅಧ್ಯಕ್ಷರು, ಗ್ರಾಮ ಪಂಚಾಯಿತಿ ಸದಸ್ಯರು, ಮುಖಂಡರು ಭಾಗವಹಿಸಿದ್ದರು.
